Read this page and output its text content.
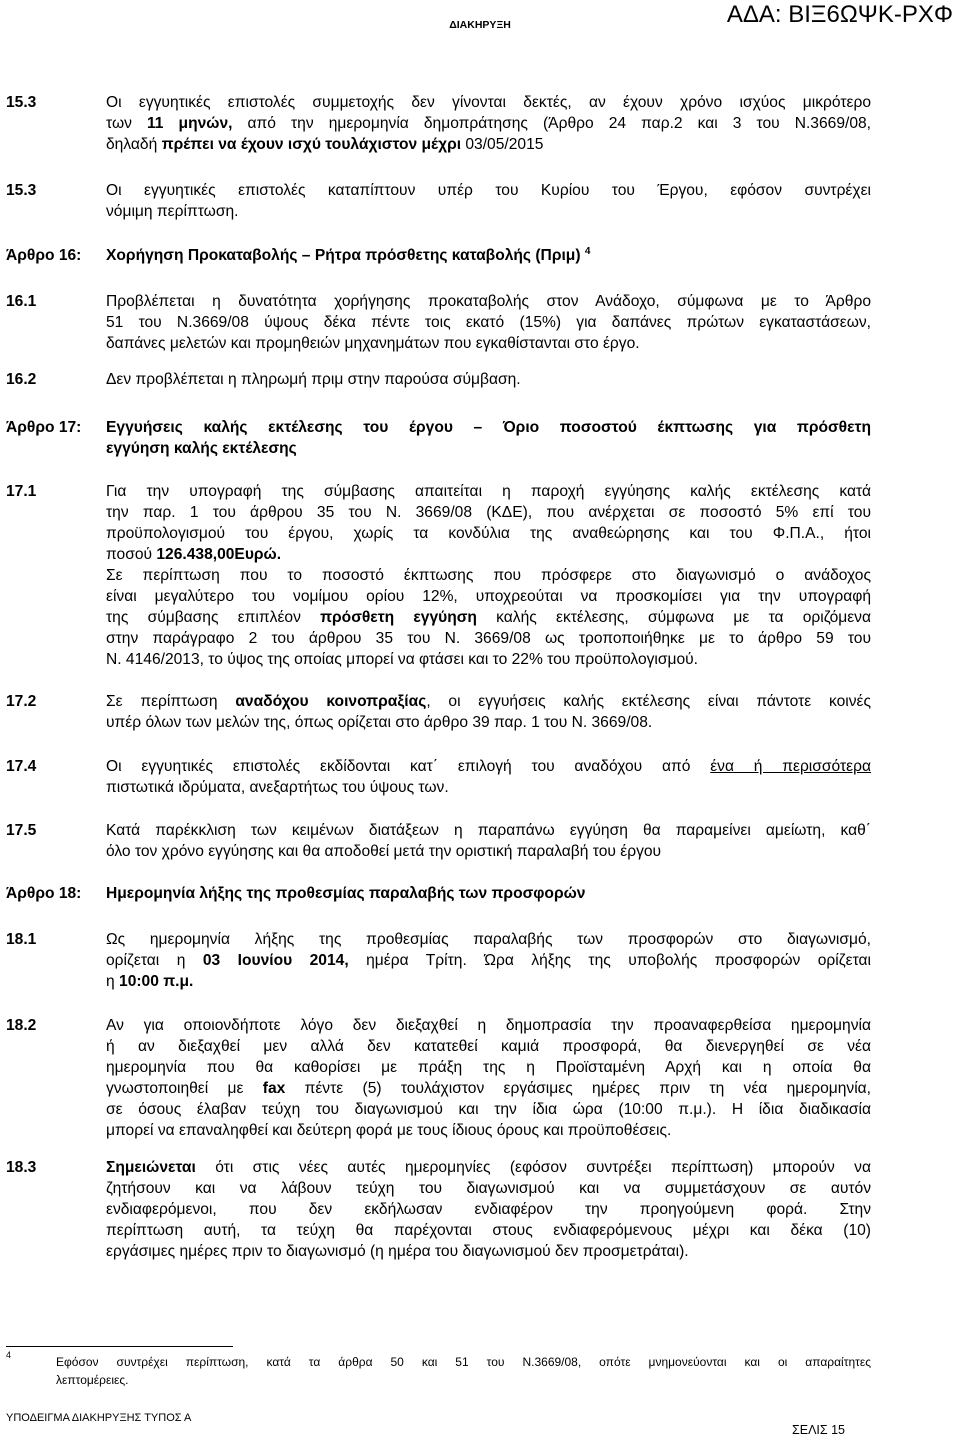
ΔΙΑΚΗΡΥΞΗ	ΑΔΑ: ΒΙΞ6ΩΨΚ-ΡΧΦ
15.3	Οι εγγυητικές επιστολές συμμετοχής δεν γίνονται δεκτές, αν έχουν χρόνο ισχύος μικρότερο
των 11 μηνών, από την ημερομηνία δημοπράτησης (Άρθρο 24 παρ.2 και 3 του Ν.3669/08,
δηλαδή πρέπει να έχουν ισχύ τουλάχιστον μέχρι 03/05/2015
15.3	Οι εγγυητικές επιστολές καταπίπτουν υπέρ του Κυρίου του Έργου, εφόσον συντρέχει
νόμιμη περίπτωση.
Άρθρο 16: Χορήγηση Προκαταβολής – Ρήτρα πρόσθετης καταβολής (Πριμ) $^4$
16.1	Προβλέπεται η δυνατότητα χορήγησης προκαταβολής στον Ανάδοχο, σύμφωνα με το Άρθρο
51 του Ν.3669/08 ύψους δέκα πέντε τοις εκατό (15%) για δαπάνες πρώτων εγκαταστάσεων,
δαπάνες μελετών και προμηθειών μηχανημάτων που εγκαθίστανται στο έργο.
16.2	Δεν προβλέπεται η πληρωμή πριμ στην παρούσα σύμβαση.
Άρθρο 17: Εγγυήσεις καλής εκτέλεσης του έργου – Όριο ποσοστού έκπτωσης για πρόσθετη
εγγύηση καλής εκτέλεσης
17.1	Για την υπογραφή της σύμβασης απαιτείται η παροχή εγγύησης καλής εκτέλεσης κατά
την παρ. 1 του άρθρου 35 του Ν. 3669/08 (ΚΔΕ), που ανέρχεται σε ποσοστό 5% επί του
προϋπολογισμού του έργου, χωρίς τα κονδύλια της αναθεώρησης και του Φ.Π.Α., ήτοι
ποσού 126.438,00Ευρώ.
Σε περίπτωση που το ποσοστό έκπτωσης που πρόσφερε στο διαγωνισμό ο ανάδοχος
είναι μεγαλύτερο του νομίμου ορίου 12%, υποχρεούται να προσκομίσει για την υπογραφή
της σύμβασης επιπλέον πρόσθετη εγγύηση καλής εκτέλεσης, σύμφωνα με τα οριζόμενα
στην παράγραφο 2 του άρθρου 35 του Ν. 3669/08 ως τροποποιήθηκε με το άρθρο 59 του
Ν. 4146/2013, το ύψος της οποίας μπορεί να φτάσει και το 22% του προϋπολογισμού.
17.2	Σε περίπτωση αναδόχου κοινοπραξίας, οι εγγυήσεις καλής εκτέλεσης είναι πάντοτε κοινές
υπέρ όλων των μελών της, όπως ορίζεται στο άρθρο 39 παρ. 1 του Ν. 3669/08.
17.4	Οι εγγυητικές επιστολές εκδίδονται κατ΄ επιλογή του αναδόχου από ένα ή περισσότερα
πιστωτικά ιδρύματα, ανεξαρτήτως του ύψους των.
17.5	Κατά παρέκκλιση των κειμένων διατάξεων η παραπάνω εγγύηση θα παραμείνει αμείωτη, καθ΄
όλο τον χρόνο εγγύησης και θα αποδοθεί μετά την οριστική παραλαβή του έργου
Άρθρο 18: Ημερομηνία λήξης της προθεσμίας παραλαβής των προσφορών
18.1	Ως ημερομηνία λήξης της προθεσμίας παραλαβής των προσφορών στο διαγωνισμό,
ορίζεται η 03 Ιουνίου 2014, ημέρα Τρίτη. Ώρα λήξης της υποβολής προσφορών ορίζεται
η 10:00 π.μ.
18.2	Αν για οποιονδήποτε λόγο δεν διεξαχθεί η δημοπρασία την προαναφερθείσα ημερομηνία
ή αν διεξαχθεί μεν αλλά δεν κατατεθεί καμιά προσφορά, θα διενεργηθεί σε νέα
ημερομηνία που θα καθορίσει με πράξη της η Προϊσταμένη Αρχή και η οποία θα
γνωστοποιηθεί με fax πέντε (5) τουλάχιστον εργάσιμες ημέρες πριν τη νέα ημερομηνία,
σε όσους έλαβαν τεύχη του διαγωνισμού και την ίδια ώρα (10:00 π.μ.). Η ίδια διαδικασία
μπορεί να επαναληφθεί και δεύτερη φορά με τους ίδιους όρους και προϋποθέσεις.
18.3	Σημειώνεται ότι στις νέες αυτές ημερομηνίες (εφόσον συντρέξει περίπτωση) μπορούν να
ζητήσουν και να λάβουν τεύχη του διαγωνισμού και να συμμετάσχουν σε αυτόν
ενδιαφερόμενοι, που δεν εκδήλωσαν ενδιαφέρον την προηγούμενη φορά. Στην
περίπτωση αυτή, τα τεύχη θα παρέχονται στους ενδιαφερόμενους μέχρι και δέκα (10)
εργάσιμες ημέρες πριν το διαγωνισμό (η ημέρα του διαγωνισμού δεν προσμετράται).
4	Εφόσον συντρέχει περίπτωση, κατά τα άρθρα 50 και 51 του Ν.3669/08, οπότε μνημονεύονται και οι απαραίτητες
λεπτομέρειες.
ΥΠΟΔΕΙΓΜΑ ΔΙΑΚΗΡΥΞΗΣ ΤΥΠΟΣ Α
ΣΕΛΙΣ 15
